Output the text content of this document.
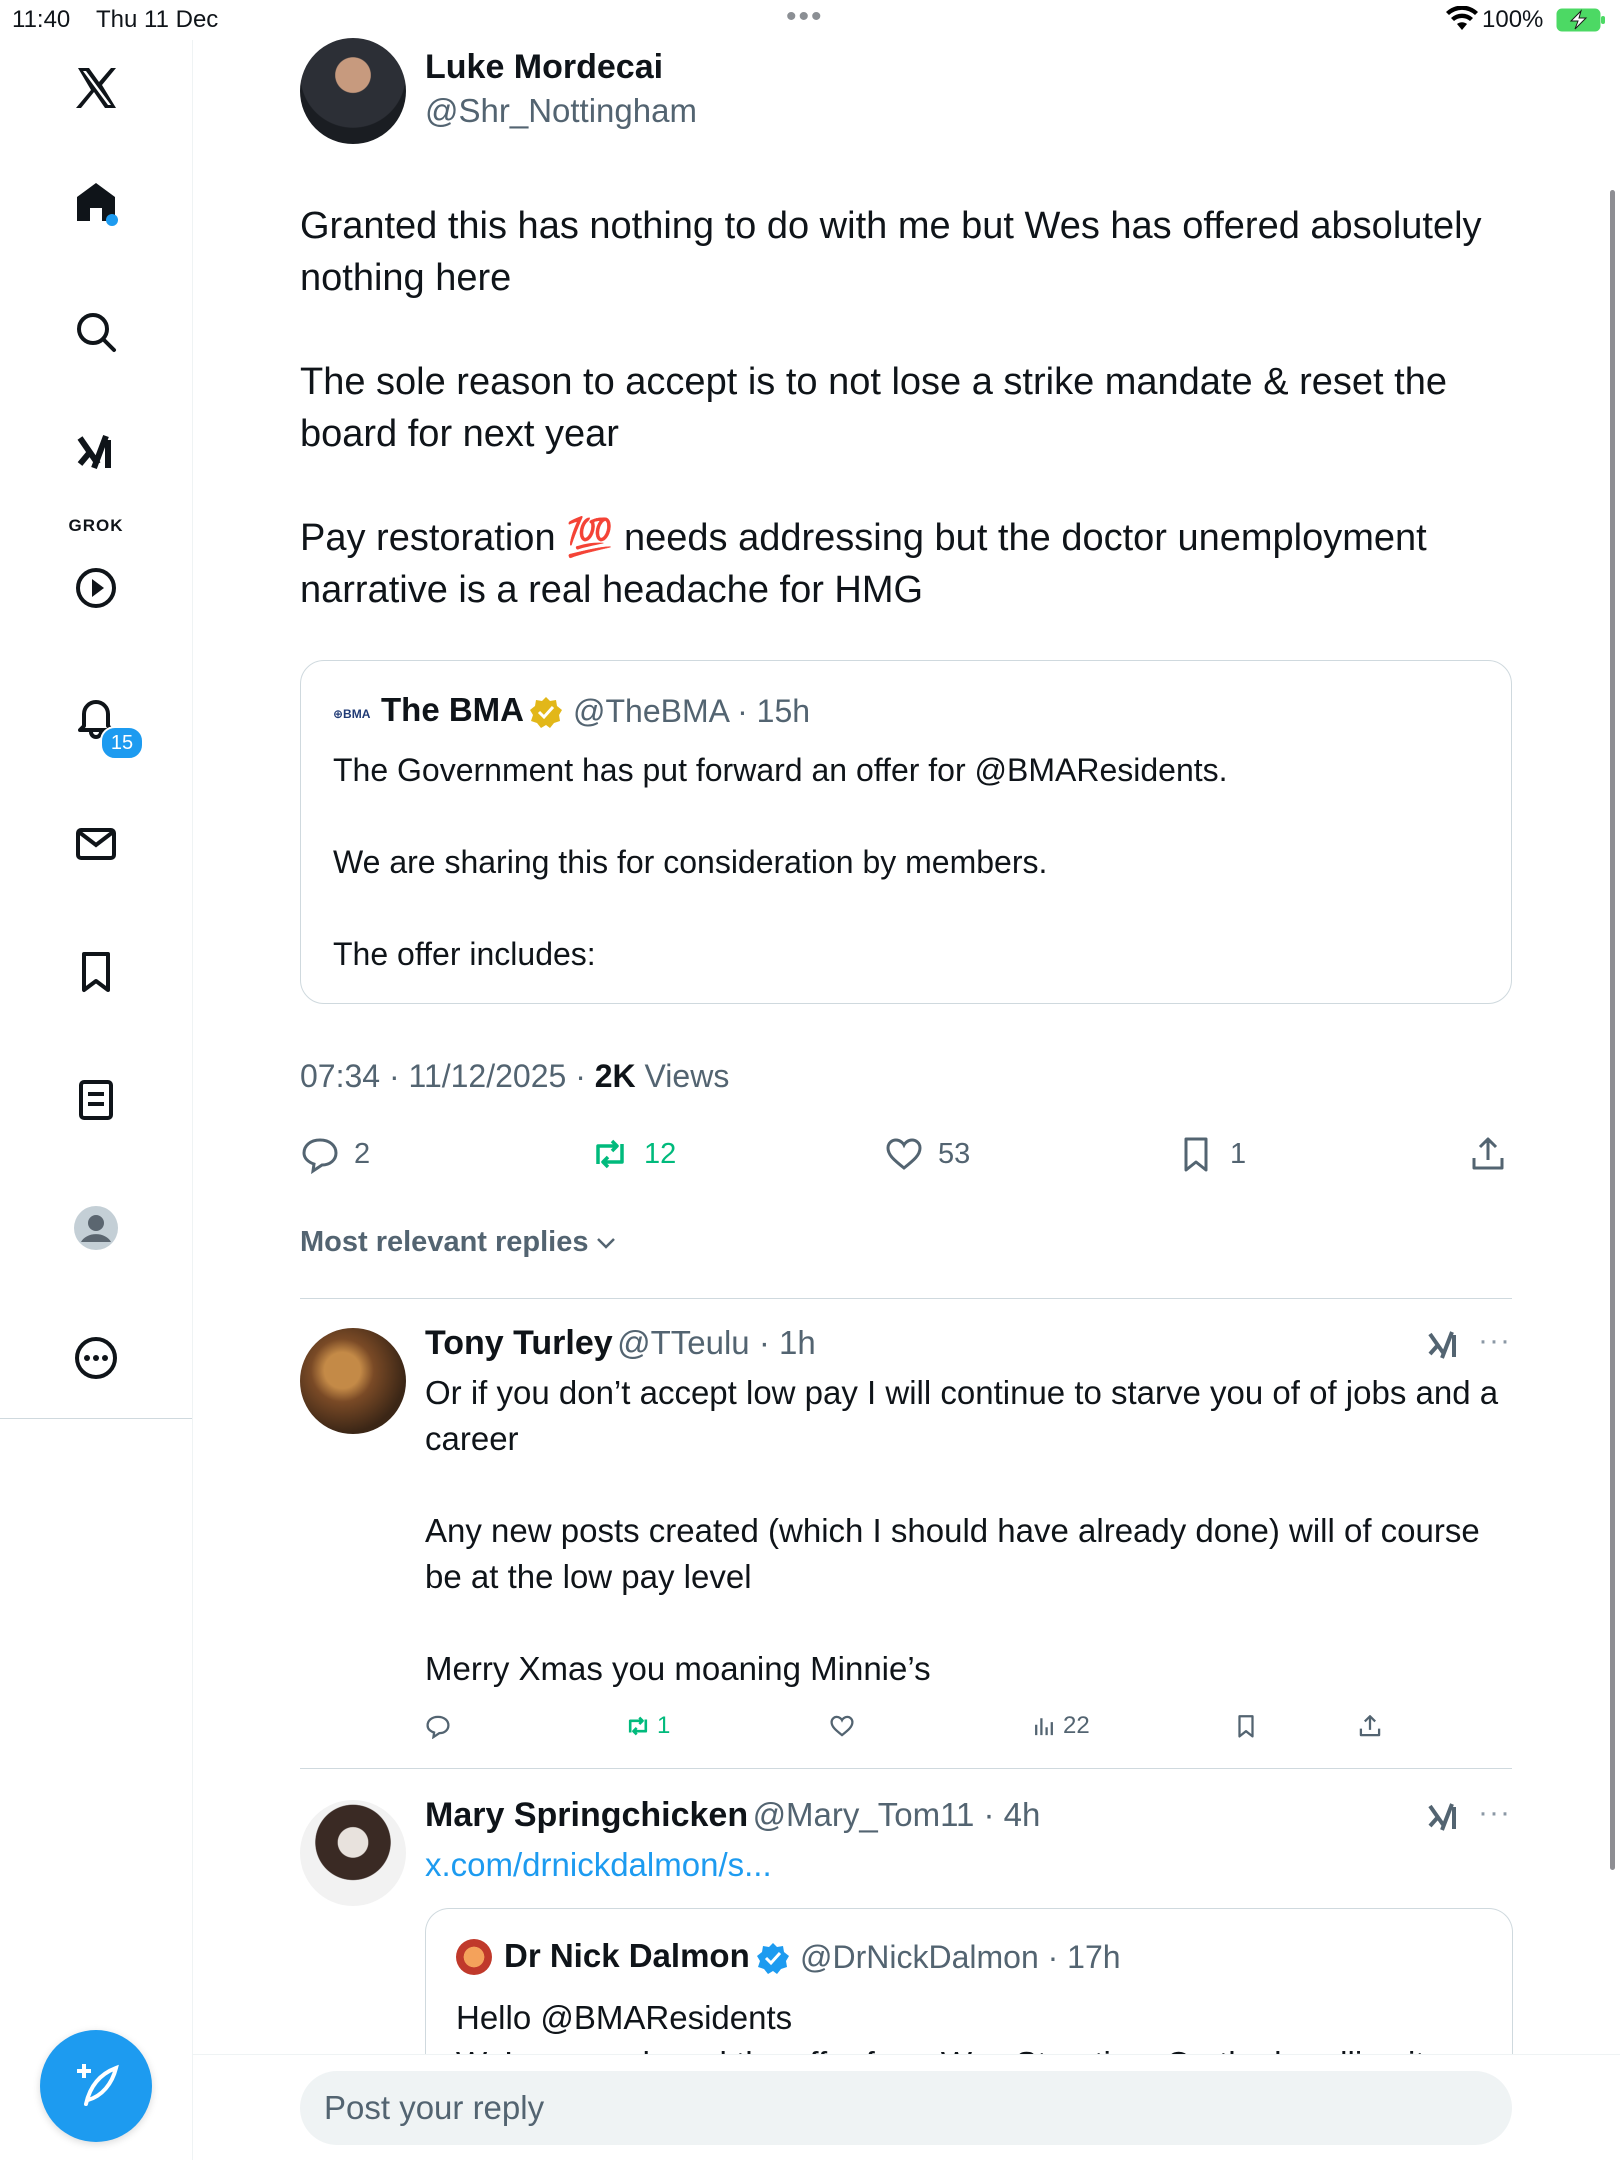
11:40 Thu 11 Dec	•••	100%
GROK
15
Luke Mordecai
@Shr_Nottingham
Granted this has nothing to do with me but Wes has offered absolutely nothing here

The sole reason to accept is to not lose a strike mandate & reset the board for next year

Pay restoration 💯 needs addressing but the doctor unemployment narrative is a real headache for HMG
⊕BMA The BMA @TheBMA · 15h
The Government has put forward an offer for @BMAResidents.

We are sharing this for consideration by members.

The offer includes:
07:34 · 11/12/2025 · 2K Views
2	12	53	1
Most relevant replies
Tony Turley @TTeulu · 1h	···
Or if you don’t accept low pay I will continue to starve you of of jobs and a career

Any new posts created (which I should have already done) will of course be at the low pay level

Merry Xmas you moaning Minnie’s
1	22
Mary Springchicken @Mary_Tom11 · 4h	···
x.com/drnickdalmon/s...
Dr Nick Dalmon @DrNickDalmon · 17h
Hello @BMAResidents

Post your reply
